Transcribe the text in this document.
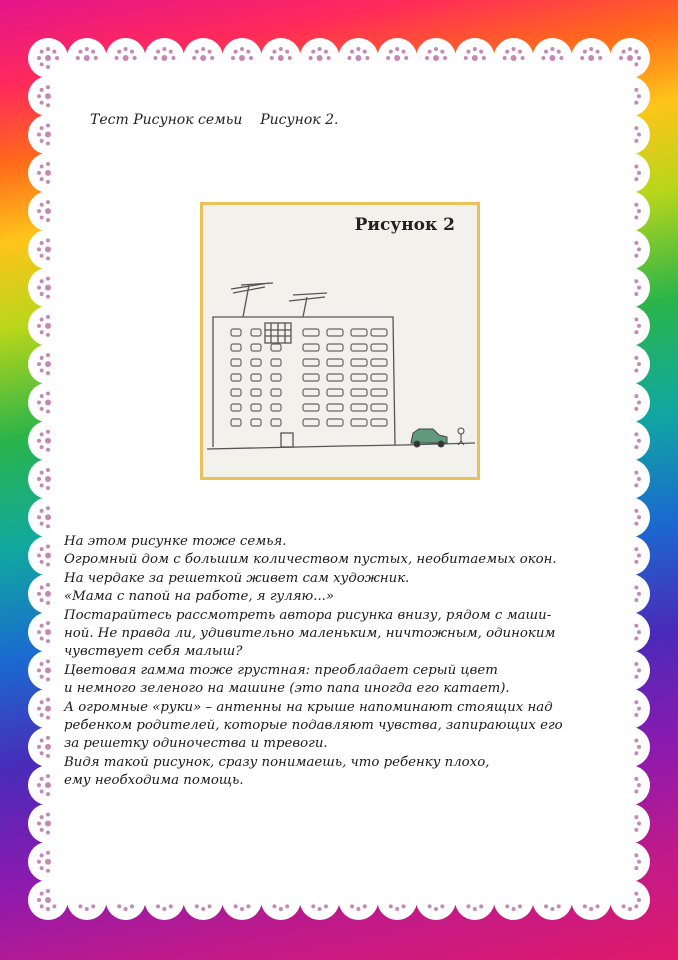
Тест Рисунок семьи Рисунок 2.
Рисунок 2
На этом рисунке тоже семья.
Огромный дом с большим количеством пустых, необитаемых окон.
На чердаке за решеткой живет сам художник.
«Мама с папой на работе, я гуляю...»
Постарайтесь рассмотреть автора рисунка внизу, рядом с маши-
ной. Не правда ли, удивительно маленьким, ничтожным, одиноким
чувствует себя малыш?
Цветовая гамма тоже грустная: преобладает серый цвет
и немного зеленого на машине (это папа иногда его катает).
А огромные «руки» – антенны на крыше напоминают стоящих над
ребенком родителей, которые подавляют чувства, запирающих его
за решетку одиночества и тревоги.
Видя такой рисунок, сразу понимаешь, что ребенку плохо,
ему необходима помощь.
